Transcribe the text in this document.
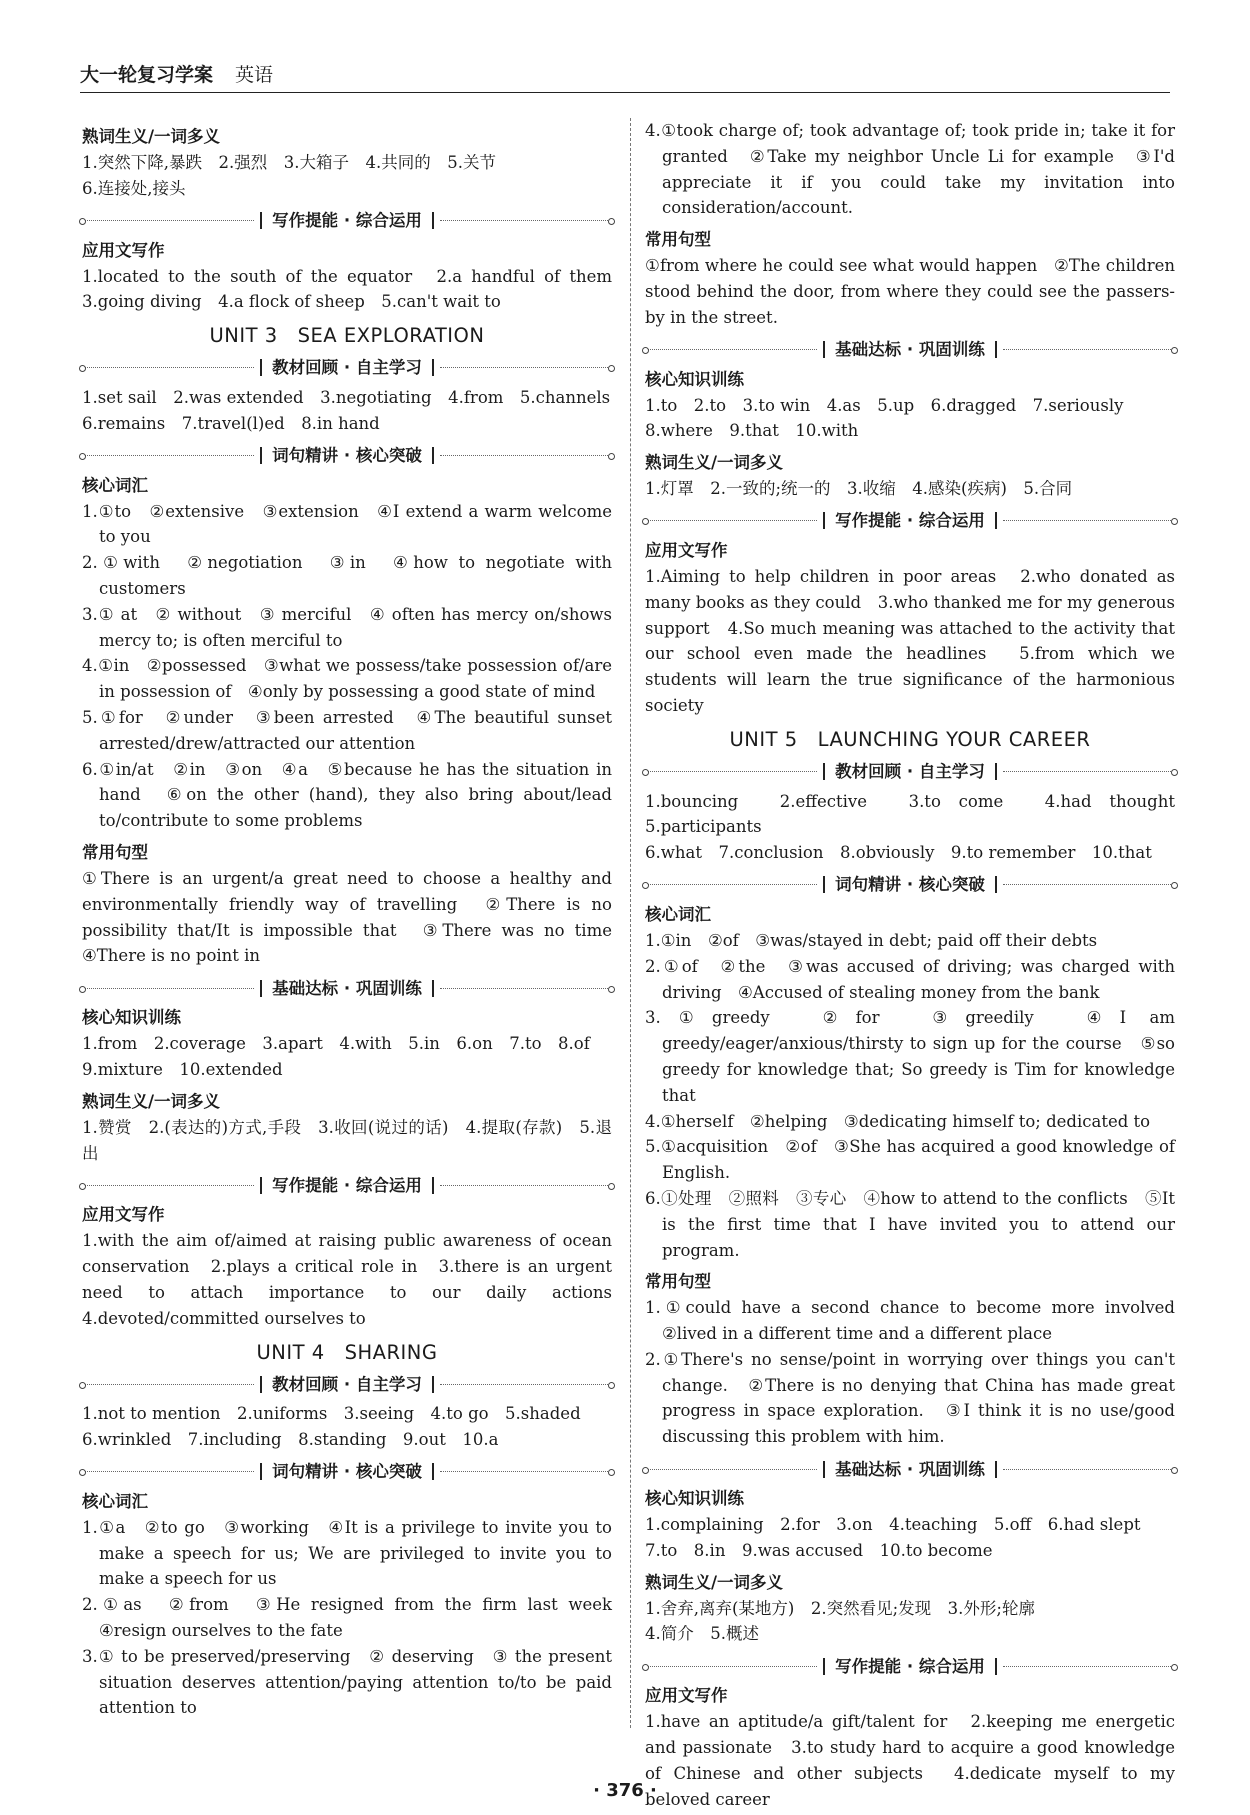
大一轮复习学案 英语
熟词生义/一词多义
1.突然下降,暴跌　2.强烈　3.大箱子　4.共同的　5.关节
6.连接处,接头
写作提能 · 综合运用
应用文写作
1.located to the south of the equator　2.a handful of them　3.going diving　4.a flock of sheep　5.can't wait to
UNIT 3　SEA EXPLORATION
教材回顾 · 自主学习
1.set sail　2.was extended　3.negotiating　4.from　5.channels
6.remains　7.travel(l)ed　8.in hand
词句精讲 · 核心突破
核心词汇
1.①to　②extensive　③extension　④I extend a warm welcome to you
2.①with　②negotiation　③in　④how to negotiate with customers
3.① at　② without　③ merciful　④ often has mercy on/shows mercy to; is often merciful to
4.①in　②possessed　③what we possess/take possession of/are in possession of　④only by possessing a good state of mind
5.①for　②under　③been arrested　④The beautiful sunset arrested/drew/attracted our attention
6.①in/at　②in　③on　④a　⑤because he has the situation in hand　⑥on the other (hand), they also bring about/lead to/contribute to some problems
常用句型
①There is an urgent/a great need to choose a healthy and environmentally friendly way of travelling　②There is no possibility that/It is impossible that　③There was no time　④There is no point in
基础达标 · 巩固训练
核心知识训练
1.from　2.coverage　3.apart　4.with　5.in　6.on　7.to　8.of
9.mixture　10.extended
熟词生义/一词多义
1.赞赏　2.(表达的)方式,手段　3.收回(说过的话)　4.提取(存款)　5.退出
写作提能 · 综合运用
应用文写作
1.with the aim of/aimed at raising public awareness of ocean conservation　2.plays a critical role in　3.there is an urgent need to attach importance to our daily actions　4.devoted/committed ourselves to
UNIT 4　SHARING
教材回顾 · 自主学习
1.not to mention　2.uniforms　3.seeing　4.to go　5.shaded
6.wrinkled　7.including　8.standing　9.out　10.a
词句精讲 · 核心突破
核心词汇
1.①a　②to go　③working　④It is a privilege to invite you to make a speech for us; We are privileged to invite you to make a speech for us
2.①as　②from　③He resigned from the firm last week　④resign ourselves to the fate
3.① to be preserved/preserving　② deserving　③ the present situation deserves attention/paying attention to/to be paid attention to
4.①took charge of; took advantage of; took pride in; take it for granted　②Take my neighbor Uncle Li for example　③I'd appreciate it if you could take my invitation into consideration/account.
常用句型
①from where he could see what would happen　②The children stood behind the door, from where they could see the passers-by in the street.
基础达标 · 巩固训练
核心知识训练
1.to　2.to　3.to win　4.as　5.up　6.dragged　7.seriously
8.where　9.that　10.with
熟词生义/一词多义
1.灯罩　2.一致的;统一的　3.收缩　4.感染(疾病)　5.合同
写作提能 · 综合运用
应用文写作
1.Aiming to help children in poor areas　2.who donated as many books as they could　3.who thanked me for my generous support　4.So much meaning was attached to the activity that our school even made the headlines　5.from which we students will learn the true significance of the harmonious society
UNIT 5　LAUNCHING YOUR CAREER
教材回顾 · 自主学习
1.bouncing　2.effective　3.to come　4.had thought　5.participants
6.what　7.conclusion　8.obviously　9.to remember　10.that
词句精讲 · 核心突破
核心词汇
1.①in　②of　③was/stayed in debt; paid off their debts
2.①of　②the　③was accused of driving; was charged with driving　④Accused of stealing money from the bank
3.①greedy　②for　③greedily　④I am greedy/eager/anxious/thirsty to sign up for the course　⑤so greedy for knowledge that; So greedy is Tim for knowledge that
4.①herself　②helping　③dedicating himself to; dedicated to
5.①acquisition　②of　③She has acquired a good knowledge of English.
6.①处理　②照料　③专心　④how to attend to the conflicts　⑤It is the first time that I have invited you to attend our program.
常用句型
1.①could have a second chance to become more involved　②lived in a different time and a different place
2.①There's no sense/point in worrying over things you can't change.　②There is no denying that China has made great progress in space exploration.　③I think it is no use/good discussing this problem with him.
基础达标 · 巩固训练
核心知识训练
1.complaining　2.for　3.on　4.teaching　5.off　6.had slept
7.to　8.in　9.was accused　10.to become
熟词生义/一词多义
1.舍弃,离弃(某地方)　2.突然看见;发现　3.外形;轮廓
4.简介　5.概述
写作提能 · 综合运用
应用文写作
1.have an aptitude/a gift/talent for　2.keeping me energetic and passionate　3.to study hard to acquire a good knowledge of Chinese and other subjects　4.dedicate myself to my beloved career
· 376 ·
